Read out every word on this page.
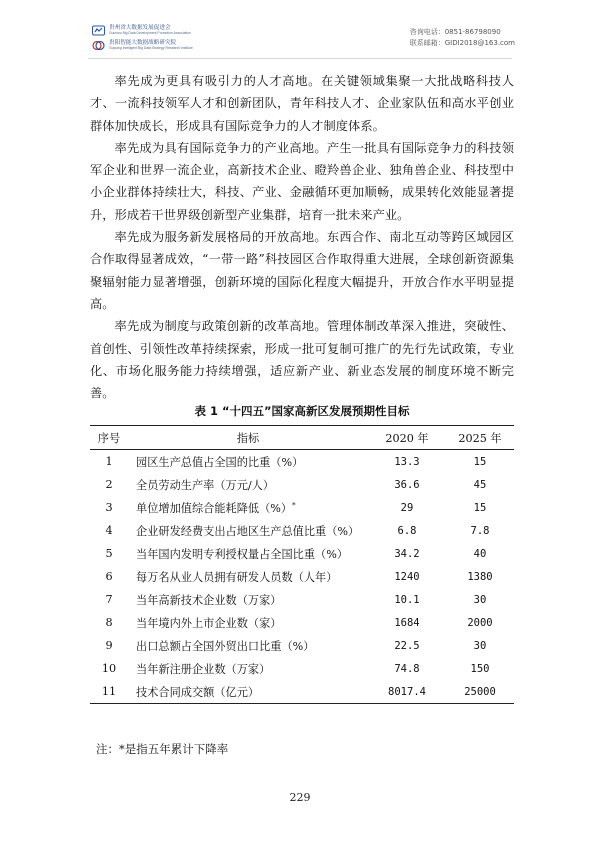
贵州省大数据发展促进会
Guizhou Big Data Development Promotion Association
贵阳智能大数据战略研究院
Guiyang Intelligent Big Data Strategy Research Institute
咨询电话：0851-86798090
联系邮箱：GIDI2018@163.com

率先成为更具有吸引力的人才高地。在关键领域集聚一大批战略科技人才、一流科技领军人才和创新团队，青年科技人才、企业家队伍和高水平创业群体加快成长，形成具有国际竞争力的人才制度体系。

率先成为具有国际竞争力的产业高地。产生一批具有国际竞争力的科技领军企业和世界一流企业，高新技术企业、瞪羚兽企业、独角兽企业、科技型中小企业群体持续壮大，科技、产业、金融循环更加顺畅，成果转化效能显著提升，形成若干世界级创新型产业集群，培育一批未来产业。

率先成为服务新发展格局的开放高地。东西合作、南北互动等跨区域园区合作取得显著成效，“一带一路”科技园区合作取得重大进展，全球创新资源集聚辐射能力显著增强，创新环境的国际化程度大幅提升，开放合作水平明显提高。

率先成为制度与政策创新的改革高地。管理体制改革深入推进，突破性、首创性、引领性改革持续探索，形成一批可复制可推广的先行先试政策，专业化、市场化服务能力持续增强，适应新产业、新业态发展的制度环境不断完善。

表 1 “十四五”国家高新区发展预期性目标
序号	指标	2020 年	2025 年
1	园区生产总值占全国的比重（%）	13.3	15
2	全员劳动生产率（万元/人）	36.6	45
3	单位增加值综合能耗降低（%）*	29	15
4	企业研发经费支出占地区生产总值比重（%）	6.8	7.8
5	当年国内发明专利授权量占全国比重（%）	34.2	40
6	每万名从业人员拥有研发人员数（人年）	1240	1380
7	当年高新技术企业数（万家）	10.1	30
8	当年境内外上市企业数（家）	1684	2000
9	出口总额占全国外贸出口比重（%）	22.5	30
10	当年新注册企业数（万家）	74.8	150
11	技术合同成交额（亿元）	8017.4	25000
注：*是指五年累计下降率
229
